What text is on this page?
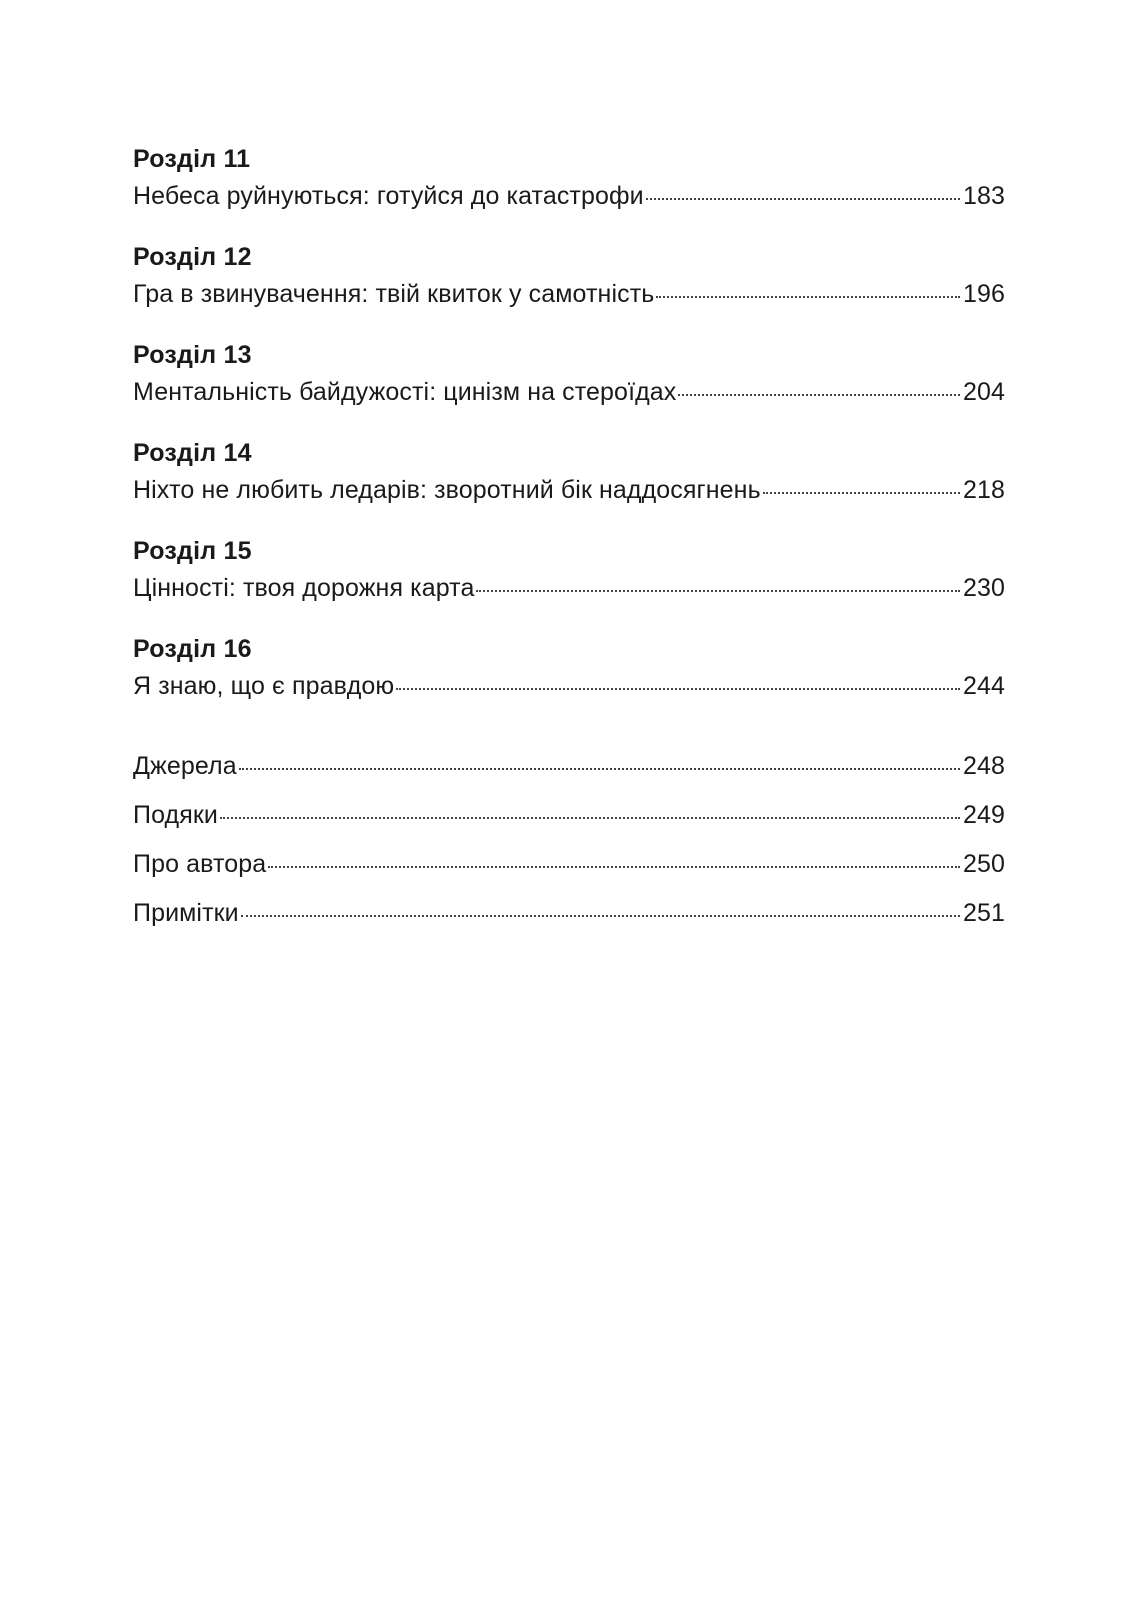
Розділ 11
Небеса руйнуються: готуйся до катастрофи	183
Розділ 12
Гра в звинувачення: твій квиток у самотність	196
Розділ 13
Ментальність байдужості: цинізм на стероїдах	204
Розділ 14
Ніхто не любить ледарів: зворотний бік наддосягнень	218
Розділ 15
Цінності: твоя дорожня карта	230
Розділ 16
Я знаю, що є правдою	244
Джерела	248
Подяки	249
Про автора	250
Примітки	251
